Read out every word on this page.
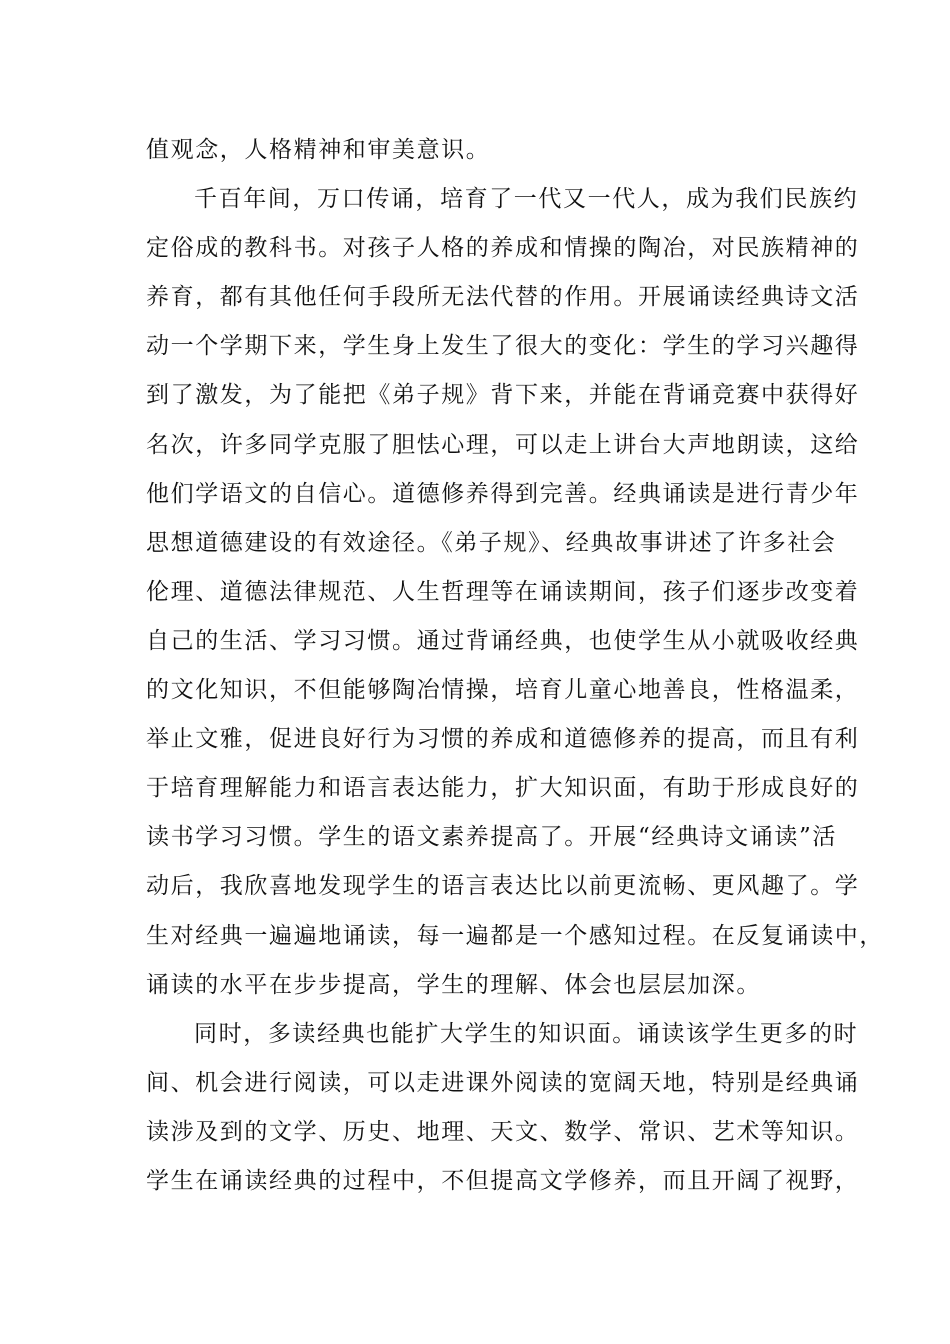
值观念，人格精神和审美意识。
千百年间，万口传诵，培育了一代又一代人，成为我们民族约
定俗成的教科书。对孩子人格的养成和情操的陶冶，对民族精神的
养育，都有其他任何手段所无法代替的作用。开展诵读经典诗文活
动一个学期下来，学生身上发生了很大的变化：学生的学习兴趣得
到了激发，为了能把《弟子规》背下来，并能在背诵竞赛中获得好
名次，许多同学克服了胆怯心理，可以走上讲台大声地朗读，这给
他们学语文的自信心。道德修养得到完善。经典诵读是进行青少年
思想道德建设的有效途径。《弟子规》、经典故事讲述了许多社会
伦理、道德法律规范、人生哲理等在诵读期间，孩子们逐步改变着
自己的生活、学习习惯。通过背诵经典，也使学生从小就吸收经典
的文化知识，不但能够陶冶情操，培育儿童心地善良，性格温柔，
举止文雅，促进良好行为习惯的养成和道德修养的提高，而且有利
于培育理解能力和语言表达能力，扩大知识面，有助于形成良好的
读书学习习惯。学生的语文素养提高了。开展“经典诗文诵读”活
动后，我欣喜地发现学生的语言表达比以前更流畅、更风趣了。学
生对经典一遍遍地诵读，每一遍都是一个感知过程。在反复诵读中，
诵读的水平在步步提高，学生的理解、体会也层层加深。
同时，多读经典也能扩大学生的知识面。诵读该学生更多的时
间、机会进行阅读，可以走进课外阅读的宽阔天地，特别是经典诵
读涉及到的文学、历史、地理、天文、数学、常识、艺术等知识。
学生在诵读经典的过程中，不但提高文学修养，而且开阔了视野，
